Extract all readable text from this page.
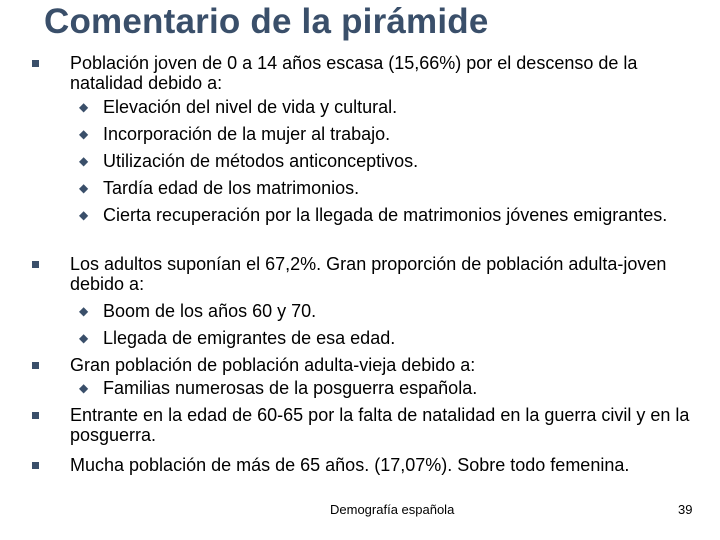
Comentario de la pirámide
Población joven de 0 a 14 años escasa (15,66%) por el descenso de la natalidad debido a:
◆ Elevación del nivel de vida y cultural.
◆ Incorporación de la mujer al trabajo.
◆ Utilización de métodos anticonceptivos.
◆ Tardía edad de los matrimonios.
◆ Cierta recuperación por la llegada de matrimonios jóvenes emigrantes.
Los adultos suponían el 67,2%. Gran proporción de población adulta-joven debido a:
◆ Boom de los años 60 y 70.
◆ Llegada de emigrantes de esa edad.
Gran población de población adulta-vieja debido a:
◆ Familias numerosas de la posguerra española.
Entrante en la edad de 60-65 por la falta de natalidad en la guerra civil y en la posguerra.
Mucha población de más de 65 años. (17,07%). Sobre todo femenina.
Demografía española	39
